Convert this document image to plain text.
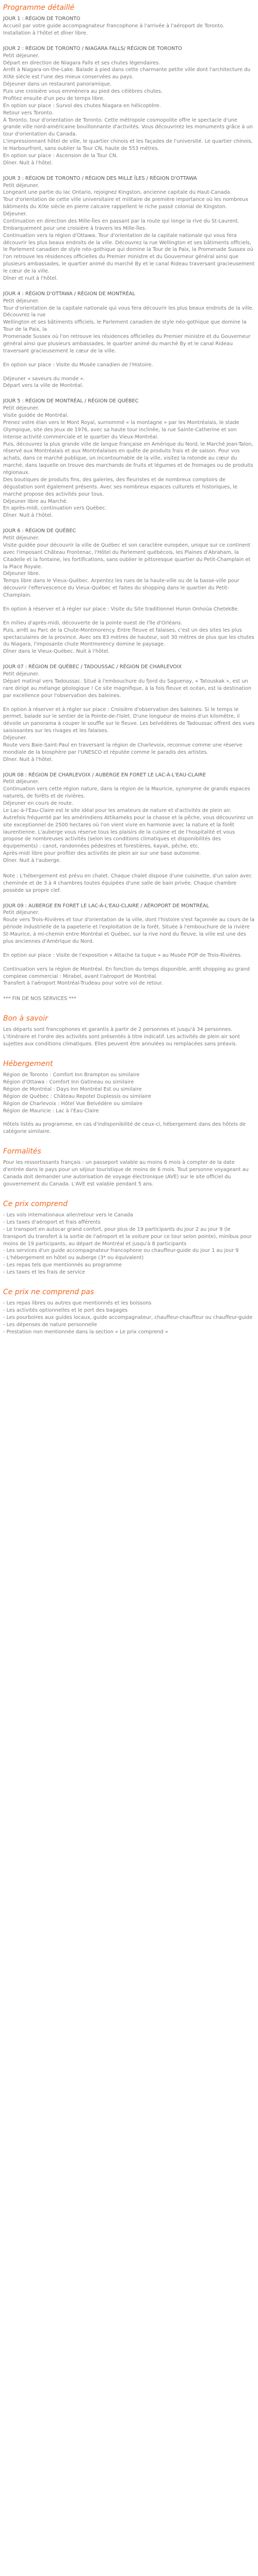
Programme détaillé
JOUR 1 : RÉGION DE TORONTO
Accueil par votre guide accompagnateur francophone à l'arrivée à l'aéroport de Toronto.
Installation à l'hôtel et dîner libre.
JOUR 2 : RÉGION DE TORONTO / NIAGARA FALLS/ RÉGION DE TORONTO
Petit déjeuner.
Départ en direction de Niagara Falls et ses chutes légendaires.
Arrêt à Niagara-on-the-Lake. Balade à pied dans cette charmante petite ville dont l'architecture du XIXe siècle est l'une des mieux conservées au pays.
Déjeuner dans un restaurant panoramique.
Puis une croisière vous emmènera au pied des célèbres chutes.
Profitez ensuite d'un peu de temps libre.
En option sur place : Survol des chutes Niagara en hélicoptère.
Retour vers Toronto.
À Toronto, tour d'orientation de Toronto. Cette métropole cosmopolite offre le spectacle d'une grande ville nord-américaine bouillonnante d'activités. Vous découvrirez les monuments grâce à un tour d'orientation du Canada.
L'impressionnant hôtel de ville, le quartier chinois et les façades de l'université. Le quartier chinois, le Harbourfront, sans oublier la Tour CN, haute de 553 mètres.
En option sur place : Ascension de la Tour CN.
Dîner. Nuit à l'hôtel.
JOUR 3 : RÉGION DE TORONTO / RÉGION DES MILLE ÎLES / RÉGION D'OTTAWA
Petit déjeuner.
Longeant une partie du lac Ontario, rejoignez Kingston, ancienne capitale du Haut-Canada.
Tour d'orientation de cette ville universitaire et militaire de première importance où les nombreux bâtiments du XIXe siècle en pierre calcaire rappellent le riche passé colonial de Kingston.
Déjeuner.
Continuation en direction des Mille-Îles en passant par la route qui longe la rive du St-Laurent.
Embarquement pour une croisière à travers les Mille-Îles.
Continuation vers la région d'Ottawa. Tour d'orientation de la capitale nationale qui vous fera découvrir les plus beaux endroits de la ville. Découvrez la rue Wellington et ses bâtiments officiels, le Parlement canadien de style néo-gothique qui domine la Tour de la Paix, la Promenade Sussex où l'on retrouve les résidences officielles du Premier ministre et du Gouverneur général ainsi que plusieurs ambassades, le quartier animé du marché By et le canal Rideau traversant gracieusement le cœur de la ville.
Dîner et nuit à l'hôtel.
JOUR 4 : RÉGION D'OTTAWA / RÉGION DE MONTRÉAL
Petit déjeuner.
Tour d'orientation de la capitale nationale qui vous fera découvrir les plus beaux endroits de la ville. Découvrez la rue
Wellington et ses bâtiments officiels, le Parlement canadien de style néo-gothique que domine la Tour de la Paix, la
Promenade Sussex où l'on retrouve les résidences officielles du Premier ministre et du Gouverneur général ainsi que plusieurs ambassades, le quartier animé du marché By et le canal Rideau traversant gracieusement le cœur de la ville.
En option sur place : Visite du Musée canadien de l'Histoire.
Déjeuner « saveurs du monde ».
Départ vers la ville de Montréal.
JOUR 5 : RÉGION DE MONTRÉAL / RÉGION DE QUÉBEC
Petit déjeuner.
Visite guidée de Montréal.
Prenez votre élan vers le Mont Royal, surnommé « la montagne » par les Montréalais, le stade Olympique, site des Jeux de 1976, avec sa haute tour inclinée, la rue Sainte-Catherine et son intense activité commerciale et le quartier du Vieux-Montréal.
Puis, découvrez la plus grande ville de langue française en Amérique du Nord, le Marché Jean-Talon, réservé aux Montréalais et aux Montréalaises en quête de produits frais et de saison. Pour vos achats, dans ce marché publique, un incontournable de la ville, visitez la rotonde au cœur du marché, dans laquelle on trouve des marchands de fruits et légumes et de fromages ou de produits régionaux.
Des boutiques de produits fins, des galeries, des fleuristes et de nombreux comptoirs de dégustation sont également présents. Avec ses nombreux espaces culturels et historiques, le marché propose des activités pour tous.
Déjeuner libre au Marché.
En après-midi, continuation vers Québec.
Dîner. Nuit à l'hôtel.
JOUR 6 : RÉGION DE QUÉBEC
Petit déjeuner.
Visite guidée pour découvrir la ville de Québec et son caractère européen, unique sur ce continent avec l'imposant Château Frontenac, l'Hôtel du Parlement québécois, les Plaines d'Abraham, la Citadelle et la fontaine, les fortifications, sans oublier le pittoresque quartier du Petit-Champlain et la Place Royale.
Déjeuner libre.
Temps libre dans le Vieux-Québec. Arpentez les rues de la haute-ville ou de la basse-ville pour découvrir l'effervescence du Vieux-Québec et faites du shopping dans le quartier du Petit-Champlain.
En option à réserver et à régler sur place : Visite du Site traditionnel Huron Onhoüa Chetek8e.
En milieu d'après-midi, découverte de la pointe ouest de l'île d'Orléans.
Puis, arrêt au Parc de la Chute-Montmorency. Entre fleuve et falaises, c'est un des sites les plus spectaculaires de la province. Avec ses 83 mètres de hauteur, soit 30 mètres de plus que les chutes du Niagara, l'imposante chute Montmorency domine le paysage.
Dîner dans le Vieux-Québec. Nuit à l'hôtel.
JOUR 07 : RÉGION DE QUÉBEC / TADOUSSAC / RÉGION DE CHARLEVOIX
Petit déjeuner.
Départ matinal vers Tadoussac. Situé à l'embouchure du fjord du Saguenay, « Tatouskak », est un rare dirigé au mélange géologique ! Ce site magnifique, à la fois fleuve et océan, est la destination par excellence pour l'observation des baleines.
En option à réserver et à régler sur place : Croisière d'observation des baleines. Si le temps le permet, balade sur le sentier de la Pointe-de-l'Islet. D'une longueur de moins d'un kilomètre, il dévoile un panorama à couper le souffle sur le fleuve. Les belvédères de Tadoussac offrent des vues saisissantes sur les rivages et les falaises.
Déjeuner.
Route vers Baie-Saint-Paul en traversant la région de Charlevoix, reconnue comme une réserve mondiale de la biosphère par l'UNESCO et réputée comme le paradis des artistes.
Dîner. Nuit à l'hôtel.
JOUR 08 : RÉGION DE CHARLEVOIX / AUBERGE EN FORET LE LAC-À-L'EAU-CLAIRE
Petit déjeuner.
Continuation vers cette région nature, dans la région de la Mauricie, synonyme de grands espaces naturels, de forêts et de rivières.
Déjeuner en cours de route.
Le Lac-à-l'Eau-Claire est le site idéal pour les amateurs de nature et d'activités de plein air. Autrefois fréquenté par les amérindiens Attikameks pour la chasse et la pêche, vous découvrirez un site exceptionnel de 2500 hectares où l'on vient vivre en harmonie avec la nature et la forêt laurentienne. L'auberge vous réserve tous les plaisirs de la cuisine et de l'hospitalité et vous propose de nombreuses activités (selon les conditions climatiques et disponibilités des équipements) : canot, randonnées pédestres et forestières, kayak, pêche, etc.
Après-midi libre pour profiter des activités de plein air sur une base autonome.
Dîner. Nuit à l'auberge.
Note : L'hébergement est prévu en chalet. Chaque chalet dispose d'une cuisinette, d'un salon avec cheminée et de 3 à 4 chambres toutes équipées d'une salle de bain privée. Chaque chambre possède sa propre clef.
JOUR 09 : AUBERGE EN FORET LE LAC-À-L'EAU-CLAIRE / AÉROPORT DE MONTRÉAL
Petit déjeuner.
Route vers Trois-Rivières et tour d'orientation de la ville, dont l'histoire s'est façonnée au cours de la période industrielle de la papeterie et l'exploitation de la forêt. Située à l'embouchure de la rivière St-Maurice, à mi-chemin entre Montréal et Québec, sur la rive nord du fleuve, la ville est une des plus anciennes d'Amérique du Nord.
En option sur place : Visite de l'exposition « Attache ta tuque » au Musée POP de Trois-Rivières.
Continuation vers la région de Montréal. En fonction du temps disponible, arrêt shopping au grand complexe commercial : Mirabel, avant l'aéroport de Montréal.
Transfert à l'aéroport Montréal-Trudeau pour votre vol de retour.
*** FIN DE NOS SERVICES ***
Bon à savoir
Les départs sont francophones et garantis à partir de 2 personnes et jusqu'à 34 personnes.
L'itinéraire et l'ordre des activités sont présentés à titre indicatif. Les activités de plein air sont sujettes aux conditions climatiques. Elles peuvent être annulées ou remplacées sans préavis.
Hébergement
Région de Toronto : Comfort Inn Brampton ou similaire
Région d'Ottawa : Comfort Inn Gatineau ou similaire
Région de Montréal : Days Inn Montréal Est ou similaire
Région de Québec : Château Repotel Duplessis ou similaire
Région de Charlevoix : Hôtel Vue Belvédère ou similaire
Région de Mauricie : Lac à l'Eau-Claire
Hôtels listés au programme, en cas d'indisponibilité de ceux-ci, hébergement dans des hôtels de catégorie similaire.
Formalités
Pour les ressortissants français : un passeport valable au moins 6 mois à compter de la date d'entrée dans le pays pour un séjour touristique de moins de 6 mois. Tout personne voyageant au Canada doit demander une autorisation de voyage électronique (AVE) sur le site officiel du gouvernement du Canada. L'AVE est valable pendant 5 ans.
Ce prix comprend
- Les vols internationaux aller/retour vers le Canada
- Les taxes d'aéroport et frais afférents
- Le transport en autocar grand confort, pour plus de 19 participants du jour 2 au jour 9 (le transport du transfert à la sortie de l'aéroport et la voiture pour ce tour selon pointe), minibus pour moins de 19 participants, au départ de Montréal et jusqu'à 8 participants
- Les services d'un guide accompagnateur francophone ou chauffeur-guide du jour 1 au jour 9
- L'hébergement en hôtel ou auberge (3* ou équivalent)
- Les repas tels que mentionnés au programme
- Les taxes et les frais de service
Ce prix ne comprend pas
- Les repas libres ou autres que mentionnés et les boissons
- Les activités optionnelles et le port des bagages
- Les pourboires aux guides locaux, guide accompagnateur, chauffeur-chauffeur ou chauffeur-guide
- Les dépenses de nature personnelle
- Prestation non mentionnée dans la section « Le prix comprend »
